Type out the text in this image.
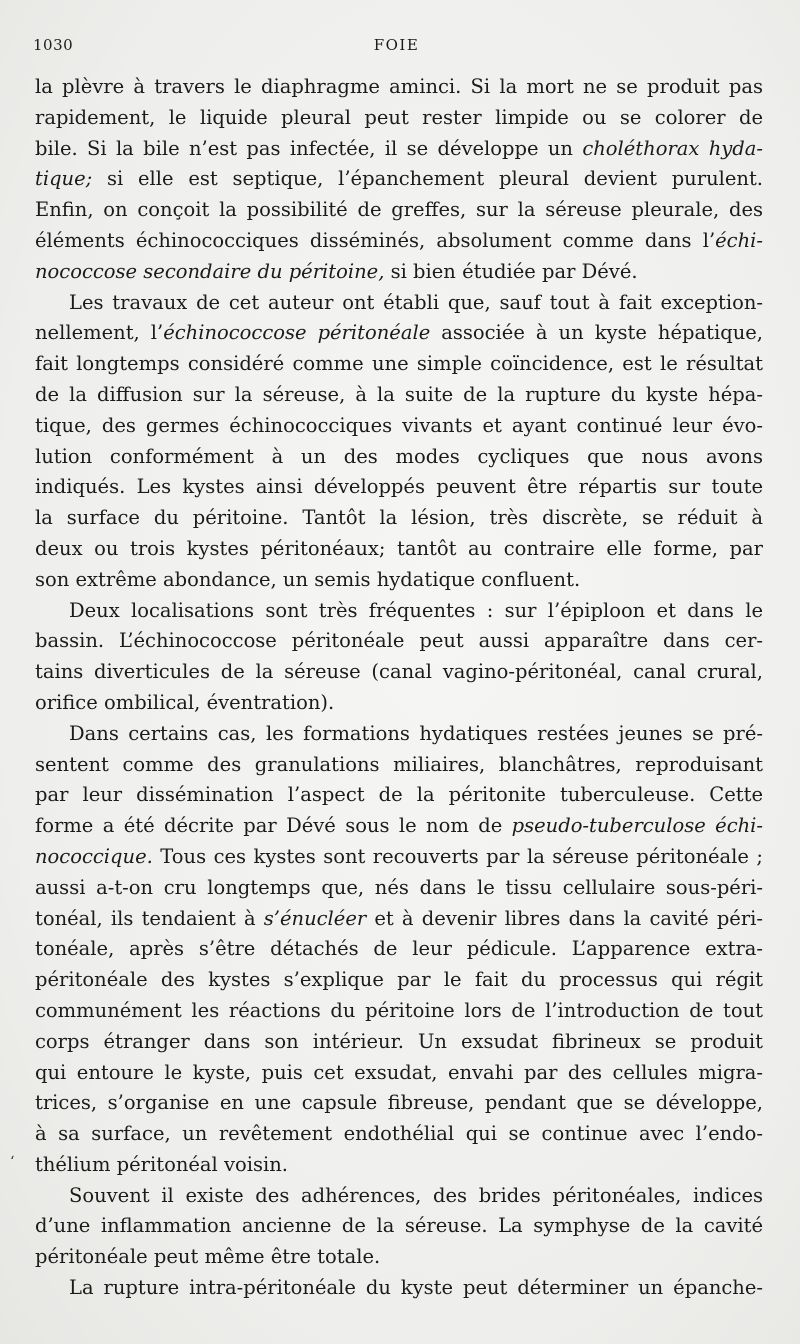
1030	FOIE
la plèvre à travers le diaphragme aminci. Si la mort ne se produit pas
rapidement, le liquide pleural peut rester limpide ou se colorer de
bile. Si la bile n’est pas infectée, il se développe un choléthorax hyda-
tique; si elle est septique, l’épanchement pleural devient purulent.
Enfin, on conçoit la possibilité de greffes, sur la séreuse pleurale, des
éléments échinococciques disséminés, absolument comme dans l’échi-
nococcose secondaire du péritoine, si bien étudiée par Dévé.
Les travaux de cet auteur ont établi que, sauf tout à fait exception-
nellement, l’échinococcose péritonéale associée à un kyste hépatique,
fait longtemps considéré comme une simple coïncidence, est le résultat
de la diffusion sur la séreuse, à la suite de la rupture du kyste hépa-
tique, des germes échinococciques vivants et ayant continué leur évo-
lution conformément à un des modes cycliques que nous avons
indiqués. Les kystes ainsi développés peuvent être répartis sur toute
la surface du péritoine. Tantôt la lésion, très discrète, se réduit à
deux ou trois kystes péritonéaux; tantôt au contraire elle forme, par
son extrême abondance, un semis hydatique confluent.
Deux localisations sont très fréquentes : sur l’épiploon et dans le
bassin. L’échinococcose péritonéale peut aussi apparaître dans cer-
tains diverticules de la séreuse (canal vagino-péritonéal, canal crural,
orifice ombilical, éventration).
Dans certains cas, les formations hydatiques restées jeunes se pré-
sentent comme des granulations miliaires, blanchâtres, reproduisant
par leur dissémination l’aspect de la péritonite tuberculeuse. Cette
forme a été décrite par Dévé sous le nom de pseudo-tuberculose échi-
nococcique. Tous ces kystes sont recouverts par la séreuse péritonéale ;
aussi a-t-on cru longtemps que, nés dans le tissu cellulaire sous-péri-
tonéal, ils tendaient à s’énucléer et à devenir libres dans la cavité péri-
tonéale, après s’être détachés de leur pédicule. L’apparence extra-
péritonéale des kystes s’explique par le fait du processus qui régit
communément les réactions du péritoine lors de l’introduction de tout
corps étranger dans son intérieur. Un exsudat fibrineux se produit
qui entoure le kyste, puis cet exsudat, envahi par des cellules migra-
trices, s’organise en une capsule fibreuse, pendant que se développe,
à sa surface, un revêtement endothélial qui se continue avec l’endo-
thélium péritonéal voisin.
Souvent il existe des adhérences, des brides péritonéales, indices
d’une inflammation ancienne de la séreuse. La symphyse de la cavité
péritonéale peut même être totale.
La rupture intra-péritonéale du kyste peut déterminer un épanche-
‘
